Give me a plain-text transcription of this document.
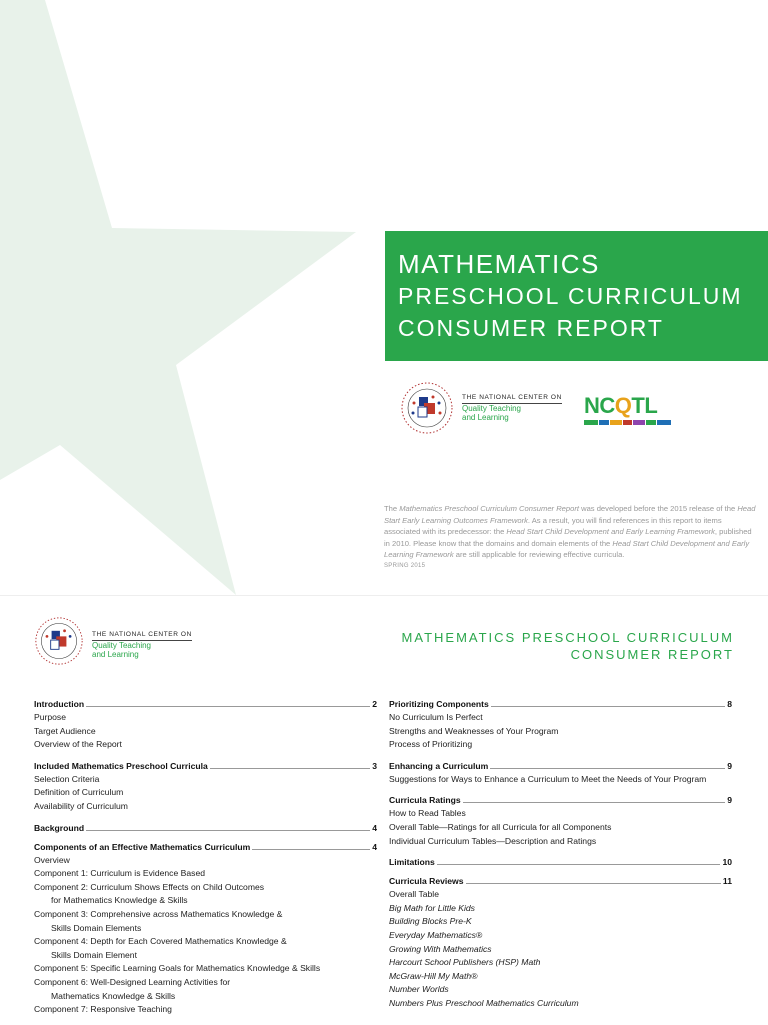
MATHEMATICS
PRESCHOOL CURRICULUM
CONSUMER REPORT
THE NATIONAL CENTER ON
Quality Teaching
and Learning	NCQTL
The Mathematics Preschool Curriculum Consumer Report was developed before the 2015 release of the Head Start Early Learning Outcomes Framework. As a result, you will find references in this report to items associated with its predecessor: the Head Start Child Development and Early Learning Framework, published in 2010. Please know that the domains and domain elements of the Head Start Child Development and Early Learning Framework are still applicable for reviewing effective curricula.
SPRING 2015
THE NATIONAL CENTER ON
Quality Teaching
and Learning
MATHEMATICS PRESCHOOL CURRICULUM
CONSUMER REPORT
Introduction	2
Purpose
Target Audience
Overview of the Report
Included Mathematics Preschool Curricula	3
Selection Criteria
Definition of Curriculum
Availability of Curriculum
Background	4
Components of an Effective Mathematics Curriculum	4
Overview
Component 1: Curriculum is Evidence Based
Component 2: Curriculum Shows Effects on Child Outcomes
for Mathematics Knowledge & Skills
Component 3: Comprehensive across Mathematics Knowledge &
Skills Domain Elements
Component 4: Depth for Each Covered Mathematics Knowledge &
Skills Domain Element
Component 5: Specific Learning Goals for Mathematics Knowledge & Skills
Component 6: Well-Designed Learning Activities for
Mathematics Knowledge & Skills
Component 7: Responsive Teaching
Prioritizing Components	8
No Curriculum Is Perfect
Strengths and Weaknesses of Your Program
Process of Prioritizing
Enhancing a Curriculum	9
Suggestions for Ways to Enhance a Curriculum to Meet the Needs of Your Program
Curricula Ratings	9
How to Read Tables
Overall Table—Ratings for all Curricula for all Components
Individual Curriculum Tables—Description and Ratings
Limitations	10
Curricula Reviews	11
Overall Table
Big Math for Little Kids
Building Blocks Pre-K
Everyday Mathematics®
Growing With Mathematics
Harcourt School Publishers (HSP) Math
McGraw-Hill My Math®
Number Worlds
Numbers Plus Preschool Mathematics Curriculum
